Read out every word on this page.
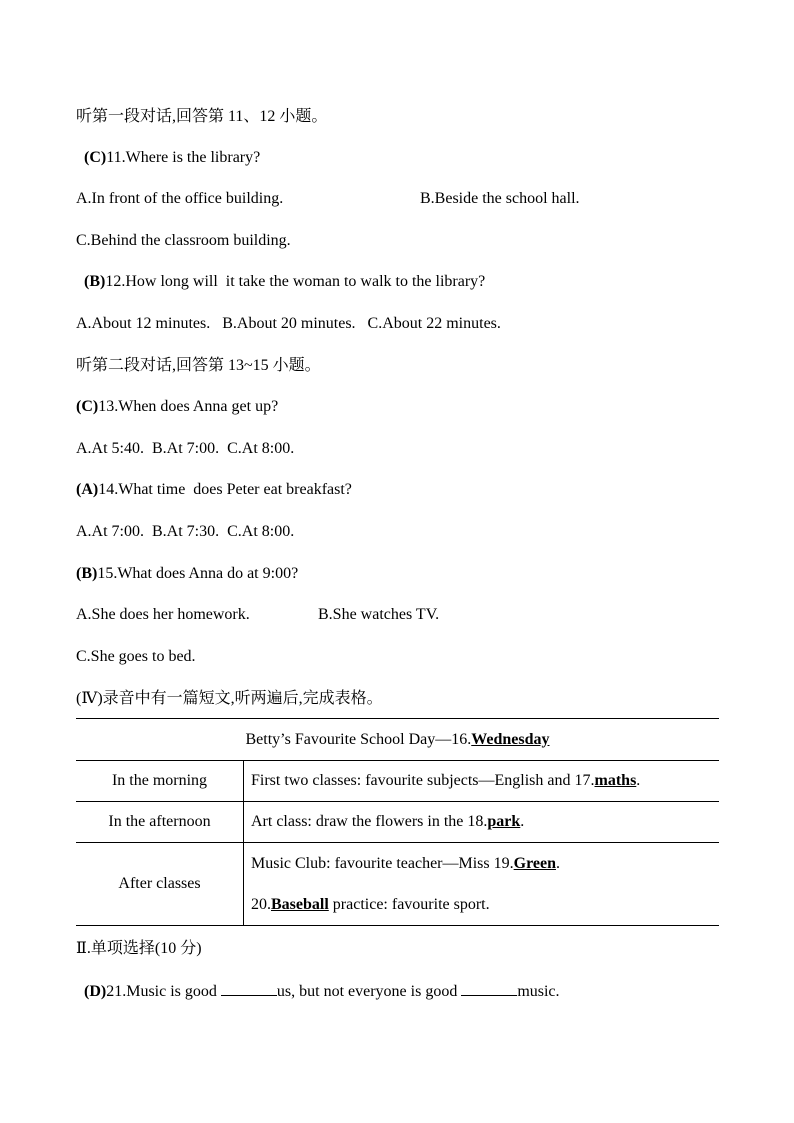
听第一段对话,回答第 11、12 小题。
(C)11.Where is the library?
A.In front of the office building.	B.Beside the school hall.
C.Behind the classroom building.
(B)12.How long will  it take the woman to walk to the library?
A.About 12 minutes.   B.About 20 minutes.   C.About 22 minutes.
听第二段对话,回答第 13~15 小题。
(C)13.When does Anna get up?
A.At 5:40.  B.At 7:00.  C.At 8:00.
(A)14.What time  does Peter eat breakfast?
A.At 7:00.  B.At 7:30.  C.At 8:00.
(B)15.What does Anna do at 9:00?
A.She does her homework.	B.She watches TV.
C.She goes to bed.
(Ⅳ)录音中有一篇短文,听两遍后,完成表格。
Betty’s Favourite School Day—16.Wednesday	
In the morning	First two classes: favourite subjects—English and 17.maths.
In the afternoon	Art class: draw the flowers in the 18.park.
After classes	Music Club: favourite teacher—Miss 19.Green.
20.Baseball practice: favourite sport.
Ⅱ.单项选择(10 分)
(D)21.Music is good	us, but not everyone is good	music.
